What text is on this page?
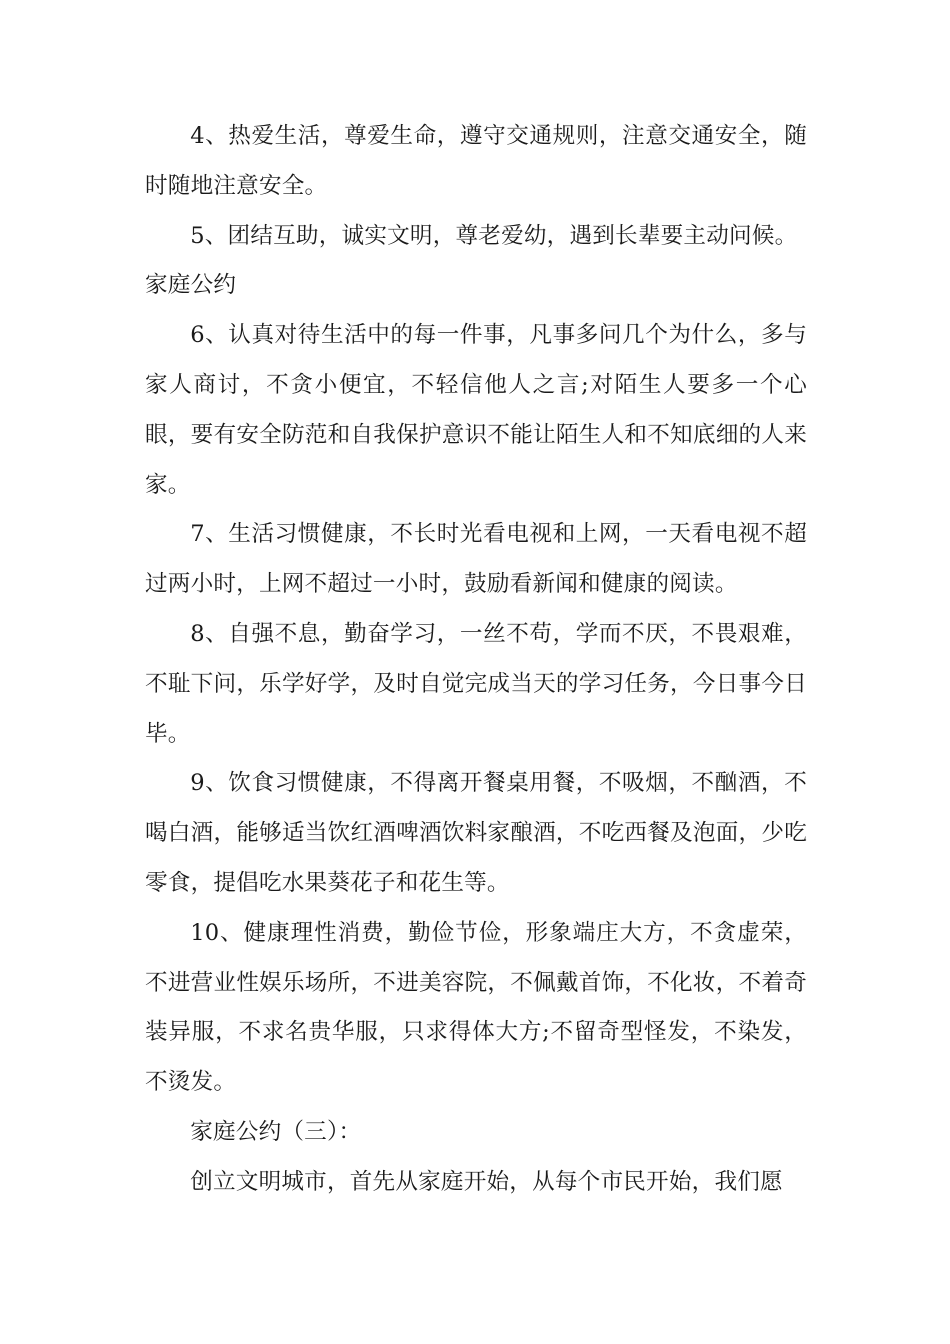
4、热爱生活，尊爱生命，遵守交通规则，注意交通安全，随时随地注意安全。

5、团结互助，诚实文明，尊老爱幼，遇到长辈要主动问候。

家庭公约

6、认真对待生活中的每一件事，凡事多问几个为什么，多与家人商讨，不贪小便宜，不轻信他人之言;对陌生人要多一个心眼，要有安全防范和自我保护意识不能让陌生人和不知底细的人来家。

7、生活习惯健康，不长时光看电视和上网，一天看电视不超过两小时，上网不超过一小时，鼓励看新闻和健康的阅读。

8、自强不息，勤奋学习，一丝不苟，学而不厌，不畏艰难，不耻下问，乐学好学，及时自觉完成当天的学习任务，今日事今日毕。

9、饮食习惯健康，不得离开餐桌用餐，不吸烟，不酗酒，不喝白酒，能够适当饮红酒啤酒饮料家酿酒，不吃西餐及泡面，少吃零食，提倡吃水果葵花子和花生等。

10、健康理性消费，勤俭节俭，形象端庄大方，不贪虚荣，不进营业性娱乐场所，不进美容院，不佩戴首饰，不化妆，不着奇装异服，不求名贵华服，只求得体大方;不留奇型怪发，不染发，不烫发。

家庭公约（三）：

创立文明城市，首先从家庭开始，从每个市民开始，我们愿
